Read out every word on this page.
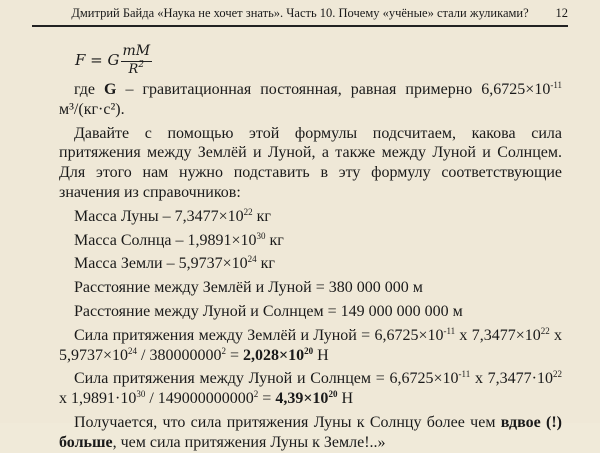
Дмитрий Байда «Наука не хочет знать». Часть 10. Почему «учёные» стали жуликами?	12
F = G $\frac{mM}{R^2}$

где G – гравитационная постоянная, равная примерно $6,6725\times 10^{-11}$ м³/(кг·с²).

Давайте с помощью этой формулы подсчитаем, какова сила притяжения между Землёй и Луной, а также между Луной и Солнцем. Для этого нам нужно подставить в эту формулу соответствующие значения из справочников:

Масса Луны – $7,3477\times 10^{22}$ кг

Масса Солнца – $1,9891\times 10^{30}$ кг

Масса Земли – $5,9737\times 10^{24}$ кг

Расстояние между Землёй и Луной = 380 000 000 м

Расстояние между Луной и Солнцем = 149 000 000 000 м

Сила притяжения между Землёй и Луной = $6,6725\times 10^{-11}$ x $7,3477\times 10^{22}$ x $5,9737\times 10^{24} / 380000000^2 = 2,028\times 10^{20}$ Н

Сила притяжения между Луной и Солнцем = $6,6725\times 10^{-11}$ x $7,3477\cdot 10^{22}$ x $1,9891\cdot 10^{30} / 149000000000^2 = 4,39\times 10^{20}$ Н

Получается, что сила притяжения Луны к Солнцу более чем вдвое (!) больше, чем сила притяжения Луны к Земле!..»
